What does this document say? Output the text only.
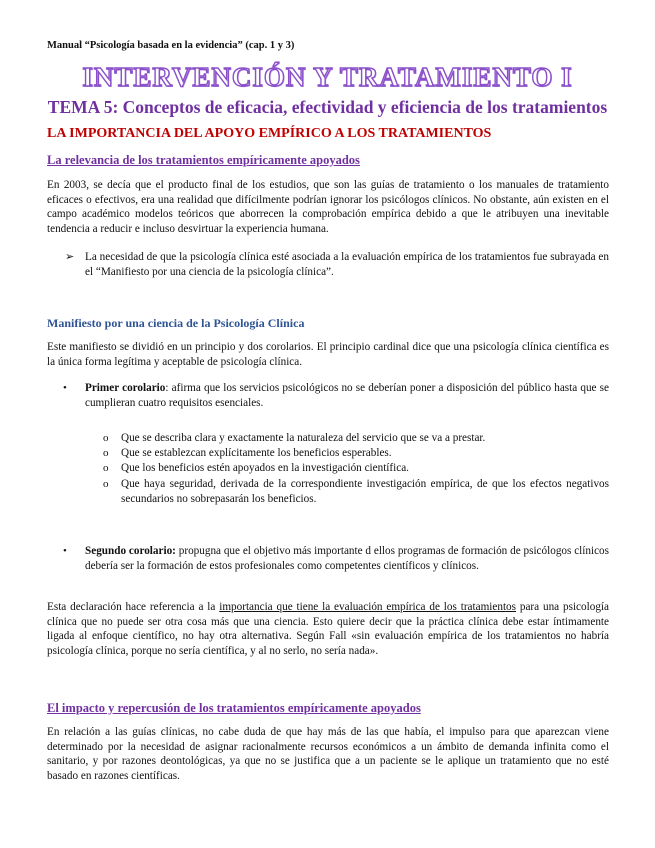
Manual “Psicología basada en la evidencia” (cap. 1 y 3)
INTERVENCIÓN Y TRATAMIENTO I
TEMA 5: Conceptos de eficacia, efectividad y eficiencia de los tratamientos
LA IMPORTANCIA DEL APOYO EMPÍRICO A LOS TRATAMIENTOS
La relevancia de los tratamientos empíricamente apoyados
En 2003, se decía que el producto final de los estudios, que son las guías de tratamiento o los manuales de tratamiento eficaces o efectivos, era una realidad que difícilmente podrían ignorar los psicólogos clínicos. No obstante, aún existen en el campo académico modelos teóricos que aborrecen la comprobación empírica debido a que le atribuyen una inevitable tendencia a reducir e incluso desvirtuar la experiencia humana.
➢ La necesidad de que la psicología clínica esté asociada a la evaluación empírica de los tratamientos fue subrayada en el “Manifiesto por una ciencia de la psicología clínica”.
Manifiesto por una ciencia de la Psicología Clínica
Este manifiesto se dividió en un principio y dos corolarios. El principio cardinal dice que una psicología clínica científica es la única forma legítima y aceptable de psicología clínica.
• Primer corolario: afirma que los servicios psicológicos no se deberían poner a disposición del público hasta que se cumplieran cuatro requisitos esenciales.
o Que se describa clara y exactamente la naturaleza del servicio que se va a prestar.
o Que se establezcan explícitamente los beneficios esperables.
o Que los beneficios estén apoyados en la investigación científica.
o Que haya seguridad, derivada de la correspondiente investigación empírica, de que los efectos negativos secundarios no sobrepasarán los beneficios.
• Segundo corolario: propugna que el objetivo más importante d ellos programas de formación de psicólogos clínicos debería ser la formación de estos profesionales como competentes científicos y clínicos.
Esta declaración hace referencia a la importancia que tiene la evaluación empírica de los tratamientos para una psicología clínica que no puede ser otra cosa más que una ciencia. Esto quiere decir que la práctica clínica debe estar íntimamente ligada al enfoque científico, no hay otra alternativa. Según Fall «sin evaluación empírica de los tratamientos no habría psicología clínica, porque no sería científica, y al no serlo, no sería nada».
El impacto y repercusión de los tratamientos empíricamente apoyados
En relación a las guías clínicas, no cabe duda de que hay más de las que había, el impulso para que aparezcan viene determinado por la necesidad de asignar racionalmente recursos económicos a un ámbito de demanda infinita como el sanitario, y por razones deontológicas, ya que no se justifica que a un paciente se le aplique un tratamiento que no esté basado en razones científicas.
